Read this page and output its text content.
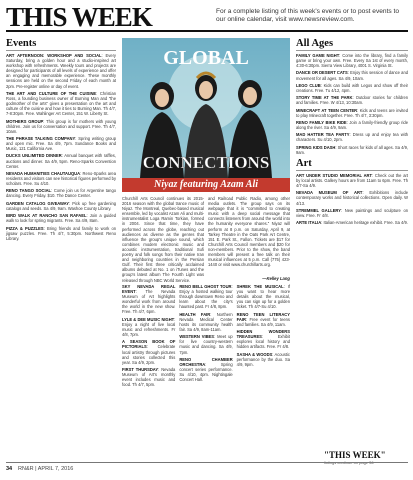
THIS WEEK	For a complete listing of this week's events or to post events to our online calendar, visit www.newsreview.com.
Events

ART AFTERNOON: WORKSHOP AND SOCIAL: Every Saturday, bring a golden hour and a studio-inspired art workshop with refreshments. Weekly tours and projects are designed for participants of all levels of experience and offer an engaging and memorable experience. These monthly sessions are held on the second Friday of each month at 2pm. Pre-register online or day of event.

THE ART AND CULTURE OF THE CUISINE: Christian Ross, a founding business owner of Burning Man and "the godmother of the arts" gives a presentation on the art and culture of the cuisine and how it ties to Burning Man. Th 4/7, 7-8:30pm. Free. Wahlinger Art Center, 151 W. Liberty St.

MOTHERS GROUP: This group is for mothers with young children. Join us for conversation and support. Free. Th 4/7, 10am.

THE PHRASE TALKING COMPANY: Spring writing group and open mic. Free. Sa 4/9, 7pm. Sundance Books and Music, 121 California Ave.

DUCKS UNLIMITED DINNER: Annual banquet with raffles, auctions and dinner. Sa 4/9, 5pm. Reno-Sparks Convention Center.

NEVADA HUMANITIES CHAUTAUQUA: Reno-Sparks area residents and visitors can see historical figures performed by scholars. Free. Su 4/10.

RENO TANGO SOCIAL: Come join us for Argentine tango dancing. Every Friday. $10. The Dance Center.

GARDEN CATALOG GIVEAWAY: Pick up free gardening catalogs and seeds. Sa 4/9, 9am. Washoe County Library.

BIRD WALK AT RANCHO SAN RAFAEL: Join a guided walk to look for spring migrants. Free. Sa 4/9, 8am.

PIZZA & PUZZLES: Bring friends and family to work on jigsaw puzzles. Free. Th 4/7, 5:30pm. Northwest Reno Library.

GLOBAL
CONNECTIONS
Niyaz featuring Azam Ali
Churchill Arts Council continues its 2015-2016 season with the global trance music of Niyaz. The Montreal, Quebec-based musical ensemble, led by vocalist Azam Ali and multi-instrumentalist Loga Ramin Torkian, formed in 2004. Since that time, they have performed across the globe, reaching out audiences as diverse as the genres that influence the group's unique sound, which combines modern electronic music and acoustic instrumentation, traditional Sufi poetry and folk songs from their native Iran and neighboring countries in the Persian Gulf. Their first three critically acclaimed albums debuted at No. 1 on iTunes and the group's latest album The Fourth Light was released through NBC World Service.
and Railroad Public Radio, among other media outlets. The group says on its webpage that it is "committed to creating music with a deep social message that connects listeners from around the world into the humanity everyone shares." Niyaz will perform at 8 p.m. on Saturday, April 9, at Tarkey Theatre in the Oats Park Art Centre, 151 E. Park St., Fallon. Tickets are $17 for Churchill Arts Council members and $20 for non-members. Prior to the show, the band members will present a free talk on their musical influences at 5 p.m. Call (775) 423-1440 or visit www.churchillarts.org.
—Kelley Lang

SKY NEVADA REGAL EVENT: The Nevada Museum of Art highlights wonderful work from around the world in the new show. Free. Th 4/7, 6pm.

LYLE & DEE MUSIC NIGHT: Enjoy a night of live local music and refreshments. Fr 4/8, 7pm.

A SEASON BOOK OF PICTORIALS: Celebrate local artistry through pictures and stories collected this year. Sa 4/9, 2pm.

FIRST THURSDAY: Nevada Museum of Art's monthly event includes music and food. Th 4/7, 5pm.

RENO BELL GHOST TOUR: Enjoy a hosted walking tour through downtown Reno and learn about the city's haunted past. Fr 4/8, 8pm.

HEALTH FAIR: Northern Nevada Medical Center hosts its community health fair. Sa 4/9, 8am-11am.

WESTERN VIBES: Meet up for live country-western music and dancing. Sa 4/9, 7pm.

RENO CHAMBER ORCHESTRA: Spring concert series performance. Su 4/10, 4pm. Nightingale Concert Hall.

SHREK THE MUSICAL: If you want to hear more details about the musical, you can sign up for a golden ticket. Th 4/7-Su 4/10.

RENO TEEN LITERACY FAIR: Free event for teens and families. Sa 4/9, 11am.

HIDDEN WONDERS TREASURES: Exhibit explores local history and hidden artifacts. Free. Fr 4/8.

SASHA & WOODS: Acoustic performance by the duo. Sa 4/9, 9pm.

All Ages

FAMILY GAME NIGHT: Come into the library, find a family game or bring your own. Free. Every Sa 1st of every month, 4:30-6:30pm. Sierra View Library, 4001 S. Virginia St.

DANCE OR DESERT CATS: Enjoy this session of dance and movement for all ages. Sa 4/9, 10am.

LEGO CLUB: Kids can build with Legos and show off their creations. Free. Tu 4/12, 4pm.

STORY TIME AT THE PARK: Outdoor stories for children and families. Free. W 4/13, 10:30am.

MINECRAFT AT TEEN CENTER: Kids and teens are invited to play Minecraft together. Free. Th 4/7, 3:30pm.

RENO FAMILY BIKE RIDE: Join a family-friendly group ride along the river. Sa 4/9, 9am.

MAD HATTER TEA PARTY: Dress up and enjoy tea with characters. Su 4/10, 2pm.

SPRING KIDS DASH: Short races for kids of all ages. Sa 4/9, 9am.

Art

ART UNDER STUDIO MEMORIAL ART: Check out the art by local artists. Gallery hours are from 11am to 6pm. Free. Th 4/7-Sa 4/9.

NEVADA MUSEUM OF ART: Exhibitions include contemporary works and historical collections. Open daily. W 4/13.

STREMMEL GALLERY: New paintings and sculpture on view. Free. Fr 4/8.

ARTE ITALIA: Italian-American heritage exhibit. Free. Sa 4/9.

"THIS WEEK"
listings continue on page 36
34 RN&R | APRIL 7, 2016
